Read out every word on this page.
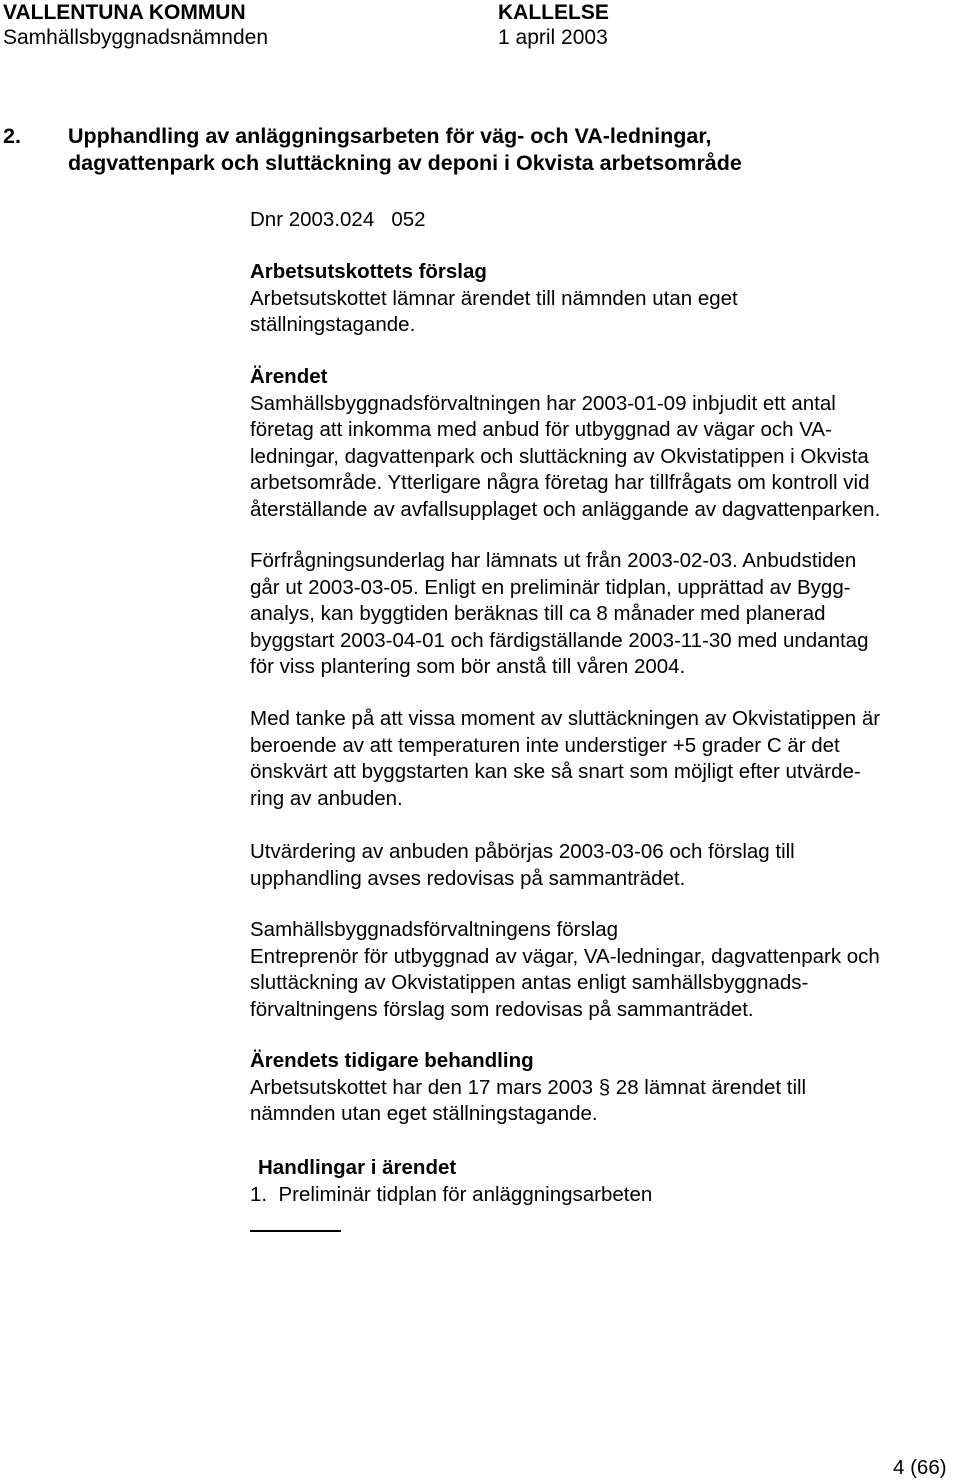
VALLENTUNA KOMMUN
Samhällsbyggnadsnämnden
KALLELSE
1 april 2003
2. Upphandling av anläggningsarbeten för väg- och VA-ledningar,
dagvattenpark och sluttäckning av deponi i Okvista arbetsområde
Dnr 2003.024   052
Arbetsutskottets förslag
Arbetsutskottet lämnar ärendet till nämnden utan eget
ställningstagande.
Ärendet
Samhällsbyggnadsförvaltningen har 2003-01-09 inbjudit ett antal
företag att inkomma med anbud för utbyggnad av vägar och VA-
ledningar, dagvattenpark och sluttäckning av Okvistatippen i Okvista
arbetsområde. Ytterligare några företag har tillfrågats om kontroll vid
återställande av avfallsupplaget och anläggande av dagvattenparken.
Förfrågningsunderlag har lämnats ut från 2003-02-03. Anbudstiden
går ut 2003-03-05. Enligt en preliminär tidplan, upprättad av Bygg-
analys, kan byggtiden beräknas till ca 8 månader med planerad
byggstart 2003-04-01 och färdigställande 2003-11-30 med undantag
för viss plantering som bör anstå till våren 2004.
Med tanke på att vissa moment av sluttäckningen av Okvistatippen är
beroende av att temperaturen inte understiger +5 grader C är det
önskvärt att byggstarten kan ske så snart som möjligt efter utvärde-
ring av anbuden.
Utvärdering av anbuden påbörjas 2003-03-06 och förslag till
upphandling avses redovisas på sammanträdet.
Samhällsbyggnadsförvaltningens förslag
Entreprenör för utbyggnad av vägar, VA-ledningar, dagvattenpark och
sluttäckning av Okvistatippen antas enligt samhällsbyggnads-
förvaltningens förslag som redovisas på sammanträdet.
Ärendets tidigare behandling
Arbetsutskottet har den 17 mars 2003 § 28 lämnat ärendet till
nämnden utan eget ställningstagande.
Handlingar i ärendet
1.  Preliminär tidplan för anläggningsarbeten
4 (66)
